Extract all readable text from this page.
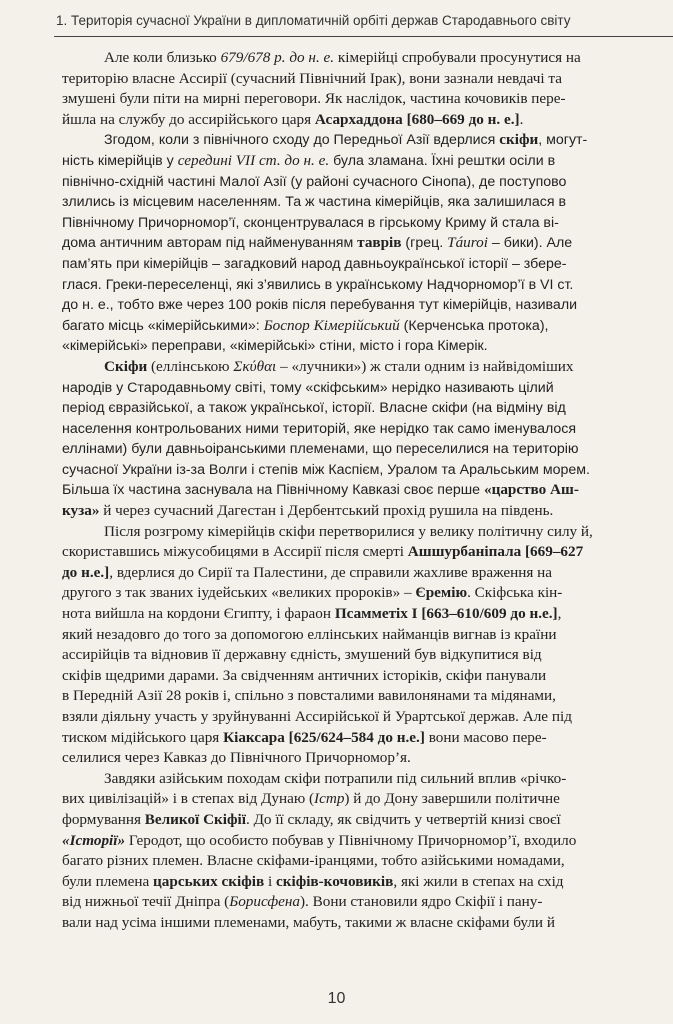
1. Територія сучасної України в дипломатичній орбіті держав Стародавнього світу
Але коли близько 679/678 р. до н. е. кімерійці спробували просунутися на
територію власне Ассирії (сучасний Північний Ірак), вони зазнали невдачі та
змушені були піти на мирні переговори. Як наслідок, частина кочовиків пере-
йшла на службу до ассирійського царя Асархаддона [680–669 до н. е.].
Згодом, коли з північного сходу до Передньої Азії вдерлися скіфи, могут-
ність кімерійців у середині VII ст. до н. е. була зламана. Їхні рештки осіли в
північно-східній частині Малої Азії (у районі сучасного Сінопа), де поступово
злились із місцевим населенням. Та ж частина кімерійців, яка залишилася в
Північному Причорномор’ї, сконцентрувалася в гірському Криму й стала ві-
дома античним авторам під найменуванням таврів (грец. Táuroi – бики). Але
пам’ять при кімерійців – загадковий народ давньоукраїнської історії – збере-
глася. Греки-переселенці, які з’явились в українському Надчорномор’ї в VI ст.
до н. е., тобто вже через 100 років після перебування тут кімерійців, називали
багато місць «кімерійськими»: Боспор Кімерійський (Керченська протока),
«кімерійські» переправи, «кімерійські» стіни, місто і гора Кімерік.
Скіфи (еллінською Σκύθαι – «лучники») ж стали одним із найвідоміших
народів у Стародавньому світі, тому «скіфським» нерідко називають цілий
період євразійської, а також української, історії. Власне скіфи (на відміну від
населення контрольованих ними територій, яке нерідко так само іменувалося
еллінами) були давньоіранськими племенами, що переселилися на територію
сучасної України із-за Волги і степів між Каспієм, Уралом та Аральським морем.
Більша їх частина заснувала на Північному Кавказі своє перше «царство Аш-
куза» й через сучасний Дагестан і Дербентський прохід рушила на південь.
Після розгрому кімерійців скіфи перетворилися у велику політичну силу й,
скориставшись міжусобицями в Ассирії після смерті Ашшурбаніпала [669–627
до н.е.], вдерлися до Сирії та Палестини, де справили жахливе враження на
другого з так званих іудейських «великих пророків» – Єремію. Скіфська кін-
нота вийшла на кордони Єгипту, і фараон Псамметіх I [663–610/609 до н.е.],
який незадовго до того за допомогою еллінських найманців вигнав із країни
ассирійців та відновив її державну єдність, змушений був відкупитися від
скіфів щедрими дарами. За свідченням античних історіків, скіфи панували
в Передній Азії 28 років і, спільно з повсталими вавилонянами та мідянами,
взяли діяльну участь у зруйнуванні Ассирійської й Урартської держав. Але під
тиском мідійського царя Кіаксара [625/624–584 до н.е.] вони масово пере-
селилися через Кавказ до Північного Причорномор’я.
Завдяки азійським походам скіфи потрапили під сильний вплив «річко-
вих цивілізацій» і в степах від Дунаю (Істр) й до Дону завершили політичне
формування Великої Скіфії. До її складу, як свідчить у четвертій книзі своєї
«Історії» Геродот, що особисто побував у Північному Причорномор’ї, входило
багато різних племен. Власне скіфами-іранцями, тобто азійськими номадами,
були племена царських скіфів і скіфів-кочовиків, які жили в степах на схід
від нижньої течії Дніпра (Борисфена). Вони становили ядро Скіфії і пану-
вали над усіма іншими племенами, мабуть, такими ж власне скіфами були й
10
